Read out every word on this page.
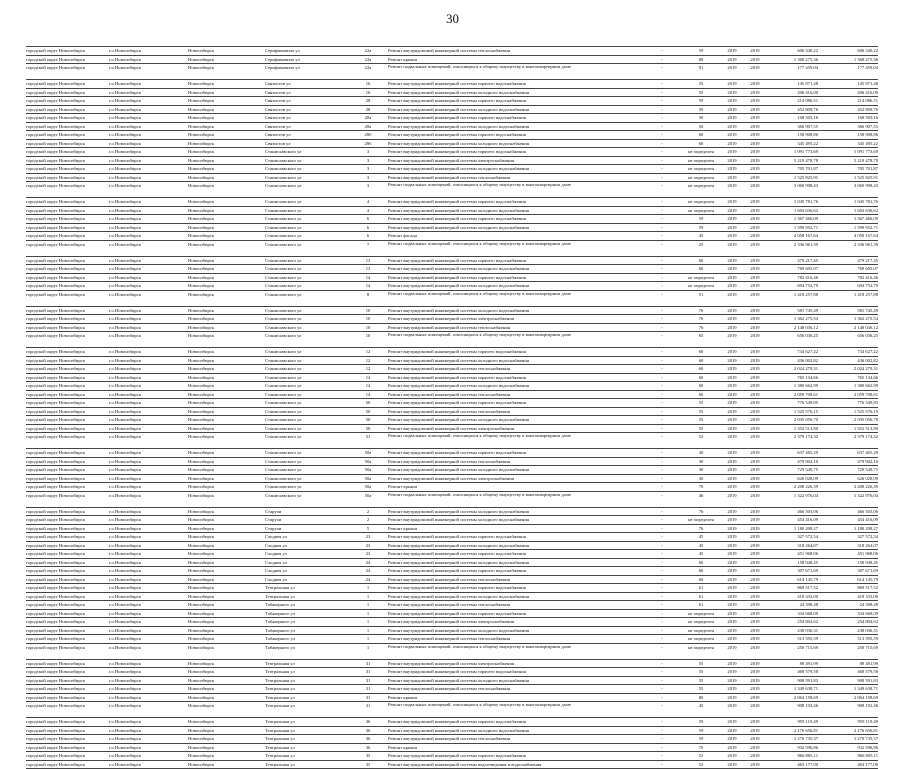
30
городской округ Новосибирск	г.о.Новосибирск	Новосибирск	Серафимовича ул	22а	Ремонт внутридомовой инженерной системы теплоснабжения	-	59	2019	2019	606 340,22	606 340,22
городской округ Новосибирск	г.о.Новосибирск	Новосибирск	Серафимовича ул	22а	Ремонт крыши	-	80	2019	2019	1 368 275,36	1 368 275,36
городской округ Новосибирск	г.о.Новосибирск	Новосибирск	Серафимовича ул	22а	Ремонт подвальных помещений, относящихся к общему имуществу в многоквартирном доме	-	91	2019	2019	177 459,04	177 459,04
городской округ Новосибирск	г.о.Новосибирск	Новосибирск	Связистов ул	16	Ремонт внутридомовой инженерной системы горячего водоснабжения	-	55	2019	2019	145 871,48	145 871,48
городской округ Новосибирск	г.о.Новосибирск	Новосибирск	Связистов ул	16	Ремонт внутридомовой инженерной системы холодного водоснабжения	-	55	2019	2019	206 416,00	206 416,00
городской округ Новосибирск	г.о.Новосибирск	Новосибирск	Связистов ул	28	Ремонт внутридомовой инженерной системы горячего водоснабжения	-	59	2019	2019	214 086,51	214 086,51
городской округ Новосибирск	г.о.Новосибирск	Новосибирск	Связистов ул	28	Ремонт внутридомовой инженерной системы холодного водоснабжения	-	59	2019	2019	452 809,76	452 809,76
городской округ Новосибирск	г.о.Новосибирск	Новосибирск	Связистов ул	28а	Ремонт внутридомовой инженерной системы горячего водоснабжения	-	50	2019	2019	168 503,16	168 503,16
городской округ Новосибирск	г.о.Новосибирск	Новосибирск	Связистов ул	28а	Ремонт внутридомовой инженерной системы холодного водоснабжения	-	50	2019	2019	366 907,55	366 907,55
городской округ Новосибирск	г.о.Новосибирск	Новосибирск	Связистов ул	28б	Ремонт внутридомовой инженерной системы горячего водоснабжения	-	60	2019	2019	158 908,86	158 908,86
городской округ Новосибирск	г.о.Новосибирск	Новосибирск	Связистов ул	28б	Ремонт внутридомовой инженерной системы холодного водоснабжения	-	60	2019	2019	345 495,22	345 495,22
городской округ Новосибирск	г.о.Новосибирск	Новосибирск	Станиславского ул	3	Ремонт внутридомовой инженерной системы горячего водоснабжения	-	не определен	2019	2019	1 091 773,69	1 091 773,69
городской округ Новосибирск	г.о.Новосибирск	Новосибирск	Станиславского ул	3	Ремонт внутридомовой инженерной системы электроснабжения	-	не определен	2019	2019	5 219 478,78	5 219 478,78
городской округ Новосибирск	г.о.Новосибирск	Новосибирск	Станиславского ул	3	Ремонт внутридомовой инженерной системы холодного водоснабжения	-	не определен	2019	2019	705 701,87	705 701,87
городской округ Новосибирск	г.о.Новосибирск	Новосибирск	Станиславского ул	3	Ремонт внутридомовой инженерной системы теплоснабжения	-	не определен	2019	2019	1 525 825,91	1 525 825,91
городской округ Новосибирск	г.о.Новосибирск	Новосибирск	Станиславского ул	3	Ремонт подвальных помещений, относящихся к общему имуществу в многоквартирном доме	-	не определен	2019	2019	3 060 998,43	3 060 998,43
городской округ Новосибирск	г.о.Новосибирск	Новосибирск	Станиславского ул	4	Ремонт внутридомовой инженерной системы горячего водоснабжения	-	не определен	2019	2019	1 045 781,76	1 045 781,76
городской округ Новосибирск	г.о.Новосибирск	Новосибирск	Станиславского ул	4	Ремонт внутридомовой инженерной системы холодного водоснабжения	-	не определен	2019	2019	1 603 636,62	1 603 636,62
городской округ Новосибирск	г.о.Новосибирск	Новосибирск	Станиславского ул	6	Ремонт внутридомовой инженерной системы горячего водоснабжения	-	59	2019	2019	1 367 466,09	1 367 466,09
городской округ Новосибирск	г.о.Новосибирск	Новосибирск	Станиславского ул	6	Ремонт внутридомовой инженерной системы холодного водоснабжения	-	59	2019	2019	1 599 952,71	1 599 952,71
городской округ Новосибирск	г.о.Новосибирск	Новосибирск	Станиславского ул	6	Ремонт фасада	-	45	2019	2019	4 058 167,64	4 058 167,64
городской округ Новосибирск	г.о.Новосибирск	Новосибирск	Станиславского ул	7	Ремонт подвальных помещений, относящихся к общему имуществу в многоквартирном доме	-	25	2019	2019	2 336 961,39	2 336 961,39
городской округ Новосибирск	г.о.Новосибирск	Новосибирск	Станиславского ул	13	Ремонт внутридомовой инженерной системы горячего водоснабжения	-	60	2019	2019	479 217,45	479 217,45
городской округ Новосибирск	г.о.Новосибирск	Новосибирск	Станиславского ул	13	Ремонт внутридомовой инженерной системы холодного водоснабжения	-	60	2019	2019	769 605,07	769 605,07
городской округ Новосибирск	г.о.Новосибирск	Новосибирск	Станиславского ул	14	Ремонт внутридомовой инженерной системы горячего водоснабжения	-	не определен	2019	2019	782 416,46	782 416,46
городской округ Новосибирск	г.о.Новосибирск	Новосибирск	Станиславского ул	14	Ремонт внутридомовой инженерной системы холодного водоснабжения	-	не определен	2019	2019	694 752,79	694 752,79
городской округ Новосибирск	г.о.Новосибирск	Новосибирск	Станиславского ул	8	Ремонт подвальных помещений, относящихся к общему имуществу в многоквартирном доме	-	51	2019	2019	1 418 257,88	1 418 257,88
городской округ Новосибирск	г.о.Новосибирск	Новосибирск	Станиславского ул	10	Ремонт внутридомовой инженерной системы холодного водоснабжения	-	76	2019	2019	581 745,49	581 745,49
городской округ Новосибирск	г.о.Новосибирск	Новосибирск	Станиславского ул	10	Ремонт внутридомовой инженерной системы электроснабжения	-	76	2019	2019	1 362 275,54	1 362 275,54
городской округ Новосибирск	г.о.Новосибирск	Новосибирск	Станиславского ул	10	Ремонт внутридомовой инженерной системы теплоснабжения	-	76	2019	2019	2 148 036,12	2 148 036,12
городской округ Новосибирск	г.о.Новосибирск	Новосибирск	Станиславского ул	10	Ремонт подвальных помещений, относящихся к общему имуществу в многоквартирном доме	-	65	2019	2019	656 036,25	656 036,25
городской округ Новосибирск	г.о.Новосибирск	Новосибирск	Станиславского ул	12	Ремонт внутридомовой инженерной системы горячего водоснабжения	-	60	2019	2019	734 627,22	734 627,22
городской округ Новосибирск	г.о.Новосибирск	Новосибирск	Станиславского ул	12	Ремонт внутридомовой инженерной системы холодного водоснабжения	-	60	2019	2019	436 002,82	436 002,82
городской округ Новосибирск	г.о.Новосибирск	Новосибирск	Станиславского ул	12	Ремонт внутридомовой инженерной системы теплоснабжения	-	60	2019	2019	2 024 279,31	2 024 279,31
городской округ Новосибирск	г.о.Новосибирск	Новосибирск	Станиславского ул	14	Ремонт внутридомовой инженерной системы горячего водоснабжения	-	60	2019	2019	765 134,66	765 134,66
городской округ Новосибирск	г.о.Новосибирск	Новосибирск	Станиславского ул	14	Ремонт внутридомовой инженерной системы холодного водоснабжения	-	60	2019	2019	1 380 662,99	1 380 662,99
городской округ Новосибирск	г.о.Новосибирск	Новосибирск	Станиславского ул	14	Ремонт внутридомовой инженерной системы теплоснабжения	-	60	2019	2019	2 059 708,61	2 059 708,61
городской округ Новосибирск	г.о.Новосибирск	Новосибирск	Станиславского ул	50	Ремонт внутридомовой инженерной системы горячего водоснабжения	-	55	2019	2019	776 549,85	776 549,85
городской округ Новосибирск	г.о.Новосибирск	Новосибирск	Станиславского ул	50	Ремонт внутридомовой инженерной системы теплоснабжения	-	55	2019	2019	1 525 576,15	1 525 576,15
городской округ Новосибирск	г.о.Новосибирск	Новосибирск	Станиславского ул	50	Ремонт внутридомовой инженерной системы холодного водоснабжения	-	55	2019	2019	2 035 056,70	2 035 056,70
городской округ Новосибирск	г.о.Новосибирск	Новосибирск	Станиславского ул	50	Ремонт внутридомовой инженерной системы электроснабжения	-	55	2019	2019	1 352 513,80	1 352 513,80
городской округ Новосибирск	г.о.Новосибирск	Новосибирск	Станиславского ул	51	Ремонт подвальных помещений, относящихся к общему имуществу в многоквартирном доме	-	52	2019	2019	2 379 174,32	2 379 174,32
городской округ Новосибирск	г.о.Новосибирск	Новосибирск	Станиславского ул	50а	Ремонт внутридомовой инженерной системы горячего водоснабжения	-	30	2019	2019	637 465,29	637 465,29
городской округ Новосибирск	г.о.Новосибирск	Новосибирск	Станиславского ул	50а	Ремонт внутридомовой инженерной системы теплоснабжения	-	30	2019	2019	479 902,10	479 902,10
городской округ Новосибирск	г.о.Новосибирск	Новосибирск	Станиславского ул	50а	Ремонт внутридомовой инженерной системы холодного водоснабжения	-	30	2019	2019	729 549,75	729 549,75
городской округ Новосибирск	г.о.Новосибирск	Новосибирск	Станиславского ул	50а	Ремонт внутридомовой инженерной системы электроснабжения	-	30	2019	2019	626 028,09	626 028,09
городской округ Новосибирск	г.о.Новосибирск	Новосибирск	Станиславского ул	50а	Ремонт крыши	-	70	2019	2019	2 208 226,39	2 208 226,39
городской округ Новосибирск	г.о.Новосибирск	Новосибирск	Станиславского ул	50а	Ремонт подвальных помещений, относящихся к общему имуществу в многоквартирном доме	-	46	2019	2019	1 322 976,04	1 322 976,04
городской округ Новосибирск	г.о.Новосибирск	Новосибирск	Старухи	2	Ремонт внутридомовой инженерной системы холодного водоснабжения	-	76	2019	2019	466 503,06	466 503,06
городской округ Новосибирск	г.о.Новосибирск	Новосибирск	Старухи	2	Ремонт внутридомовой инженерной системы холодного водоснабжения	-	не определен	2019	2019	454 416,09	454 416,09
городской округ Новосибирск	г.о.Новосибирск	Новосибирск	Старухи	5	Ремонт крыши	-	76	2019	2019	1 180 208,27	1 180 208,27
городской округ Новосибирск	г.о.Новосибирск	Новосибирск	Сходнея ул	23	Ремонт внутридомовой инженерной системы горячего водоснабжения	-	45	2019	2019	327 572,54	327 572,54
городской округ Новосибирск	г.о.Новосибирск	Новосибирск	Сходнея ул	23	Ремонт внутридомовой инженерной системы холодного водоснабжения	-	45	2019	2019	318 264,07	318 264,07
городской округ Новосибирск	г.о.Новосибирск	Новосибирск	Сходнея ул	23	Ремонт внутридомовой инженерной системы горячего водоснабжения	-	45	2019	2019	451 968,06	451 968,06
городской округ Новосибирск	г.о.Новосибирск	Новосибирск	Сходнея ул	24	Ремонт внутридомовой инженерной системы холодного водоснабжения	-	60	2019	2019	158 948,45	158 948,45
городской округ Новосибирск	г.о.Новосибирск	Новосибирск	Сходнея ул	24	Ремонт внутридомовой инженерной системы горячего водоснабжения	-	60	2019	2019	307 671,69	307 671,69
городской округ Новосибирск	г.о.Новосибирск	Новосибирск	Сходнея ул	24	Ремонт внутридомовой инженерной системы теплоснабжения	-	60	2019	2019	614 145,79	614 145,79
городской округ Новосибирск	г.о.Новосибирск	Новосибирск	Театральная ул	1	Ремонт внутридомовой инженерной системы горячего водоснабжения	-	61	2019	2019	869 517,52	869 517,52
городской округ Новосибирск	г.о.Новосибирск	Новосибирск	Театральная ул	1	Ремонт внутридомовой инженерной системы холодного водоснабжения	-	61	2019	2019	418 333,00	418 333,00
городской округ Новосибирск	г.о.Новосибирск	Новосибирск	Табакерного ул	1	Ремонт внутридомовой инженерной системы теплоснабжения	-	61	2019	2019	24 398,48	24 398,48
городской округ Новосибирск	г.о.Новосибирск	Новосибирск	Табакерного ул	1	Ремонт внутридомовой инженерной системы горячего водоснабжения	-	не определен	2019	2019	334 668,09	334 668,09
городской округ Новосибирск	г.о.Новосибирск	Новосибирск	Табакерного ул	1	Ремонт внутридомовой инженерной системы электроснабжения	-	не определен	2019	2019	254 804,62	254 804,62
городской округ Новосибирск	г.о.Новосибирск	Новосибирск	Табакерного ул	1	Ремонт внутридомовой инженерной системы холодного водоснабжения	-	не определен	2019	2019	238 036,31	238 036,31
городской округ Новосибирск	г.о.Новосибирск	Новосибирск	Табакерного ул	1	Ремонт внутридомовой инженерной системы теплоснабжения	-	не определен	2019	2019	513 595,59	513 595,59
городской округ Новосибирск	г.о.Новосибирск	Новосибирск	Табакерного ул	1	Ремонт подвальных помещений, относящихся к общему имуществу в многоквартирном доме	-	не определен	2019	2019	250 715,69	250 715,69
городской округ Новосибирск	г.о.Новосибирск	Новосибирск	Театральная ул	31	Ремонт внутридомовой инженерной системы электроснабжения	-	55	2019	2019	88 491,99	88 491,99
городской округ Новосибирск	г.о.Новосибирск	Новосибирск	Театральная ул	31	Ремонт внутридомовой инженерной системы горячего водоснабжения	-	55	2019	2019	468 579,58	468 579,58
городской округ Новосибирск	г.о.Новосибирск	Новосибирск	Театральная ул	31	Ремонт внутридомовой инженерной системы холодного водоснабжения	-	55	2019	2019	908 591,83	908 591,83
городской округ Новосибирск	г.о.Новосибирск	Новосибирск	Театральная ул	31	Ремонт внутридомовой инженерной системы теплоснабжения	-	55	2019	2019	1 349 638,71	1 349 638,71
городской округ Новосибирск	г.о.Новосибирск	Новосибирск	Театральная ул	31	Ремонт крыши	-	80	2019	2019	2 064 158,69	2 064 158,69
городской округ Новосибирск	г.о.Новосибирск	Новосибирск	Театральная ул	31	Ремонт подвальных помещений, относящихся к общему имуществу в многоквартирном доме	-	45	2019	2019	908 192,46	908 192,46
городской округ Новосибирск	г.о.Новосибирск	Новосибирск	Театральная ул	36	Ремонт внутридомовой инженерной системы горячего водоснабжения	-	59	2019	2019	959 119,49	959 119,49
городской округ Новосибирск	г.о.Новосибирск	Новосибирск	Театральная ул	36	Ремонт внутридомовой инженерной системы холодного водоснабжения	-	59	2019	2019	2 176 656,81	2 176 656,81
городской округ Новосибирск	г.о.Новосибирск	Новосибирск	Театральная ул	36	Ремонт внутридомовой инженерной системы теплоснабжения	-	59	2019	2019	1 270 735,37	1 270 735,37
городской округ Новосибирск	г.о.Новосибирск	Новосибирск	Театральная ул	36	Ремонт крыши	-	70	2019	2019	932 596,86	932 596,86
городской округ Новосибирск	г.о.Новосибирск	Новосибирск	Театральная ул	35	Ремонт внутридомовой инженерной системы горячего водоснабжения	-	52	2019	2019	866 805,11	866 805,11
городской округ Новосибирск	г.о.Новосибирск	Новосибирск	Театральная ул	35	Ремонт внутридомовой инженерной системы водоотведения и водоснабжения	-	52	2019	2019	463 177,00	463 177,00
